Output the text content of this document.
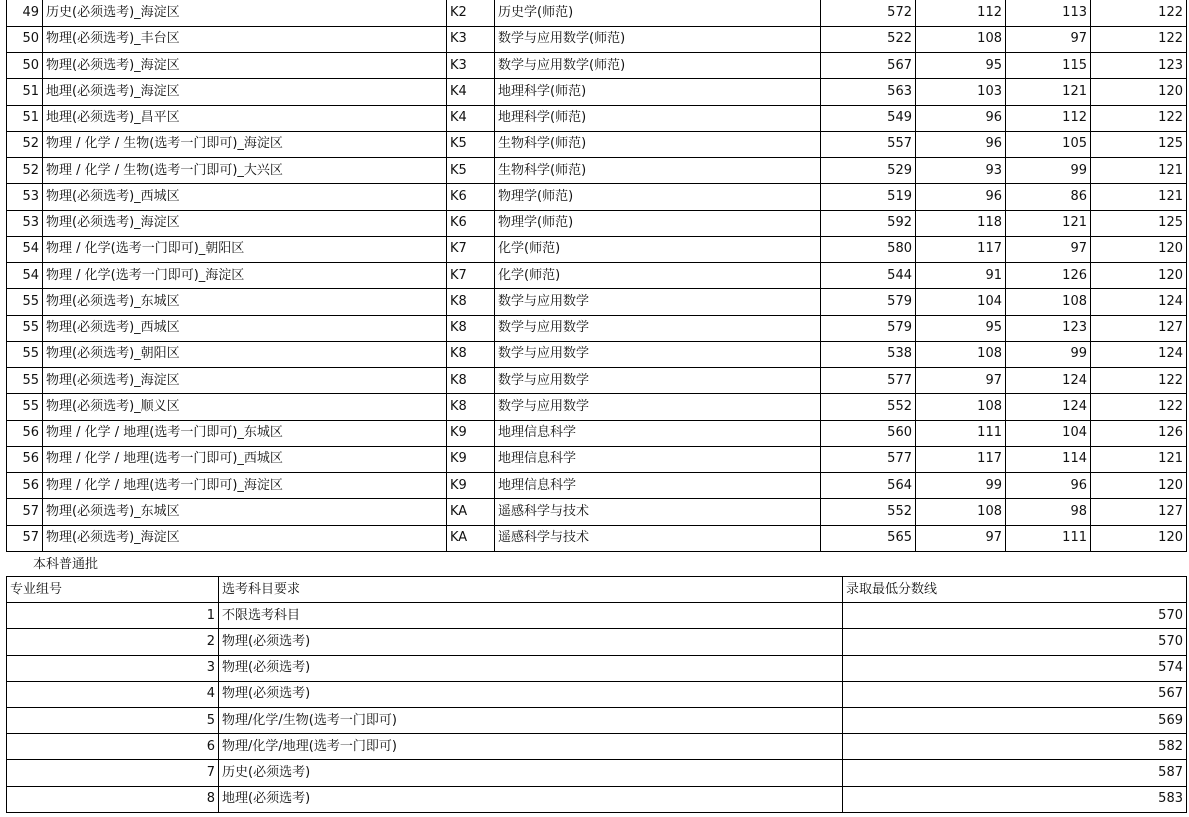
49	历史(必须选考)_海淀区	K2	历史学(师范)	572	112	113	122
50	物理(必须选考)_丰台区	K3	数学与应用数学(师范)	522	108	97	122
50	物理(必须选考)_海淀区	K3	数学与应用数学(师范)	567	95	115	123
51	地理(必须选考)_海淀区	K4	地理科学(师范)	563	103	121	120
51	地理(必须选考)_昌平区	K4	地理科学(师范)	549	96	112	122
52	物理 / 化学 / 生物(选考一门即可)_海淀区	K5	生物科学(师范)	557	96	105	125
52	物理 / 化学 / 生物(选考一门即可)_大兴区	K5	生物科学(师范)	529	93	99	121
53	物理(必须选考)_西城区	K6	物理学(师范)	519	96	86	121
53	物理(必须选考)_海淀区	K6	物理学(师范)	592	118	121	125
54	物理 / 化学(选考一门即可)_朝阳区	K7	化学(师范)	580	117	97	120
54	物理 / 化学(选考一门即可)_海淀区	K7	化学(师范)	544	91	126	120
55	物理(必须选考)_东城区	K8	数学与应用数学	579	104	108	124
55	物理(必须选考)_西城区	K8	数学与应用数学	579	95	123	127
55	物理(必须选考)_朝阳区	K8	数学与应用数学	538	108	99	124
55	物理(必须选考)_海淀区	K8	数学与应用数学	577	97	124	122
55	物理(必须选考)_顺义区	K8	数学与应用数学	552	108	124	122
56	物理 / 化学 / 地理(选考一门即可)_东城区	K9	地理信息科学	560	111	104	126
56	物理 / 化学 / 地理(选考一门即可)_西城区	K9	地理信息科学	577	117	114	121
56	物理 / 化学 / 地理(选考一门即可)_海淀区	K9	地理信息科学	564	99	96	120
57	物理(必须选考)_东城区	KA	遥感科学与技术	552	108	98	127
57	物理(必须选考)_海淀区	KA	遥感科学与技术	565	97	111	120
本科普通批
专业组号	选考科目要求	录取最低分数线
1	不限选考科目	570
2	物理(必须选考)	570
3	物理(必须选考)	574
4	物理(必须选考)	567
5	物理/化学/生物(选考一门即可)	569
6	物理/化学/地理(选考一门即可)	582
7	历史(必须选考)	587
8	地理(必须选考)	583
